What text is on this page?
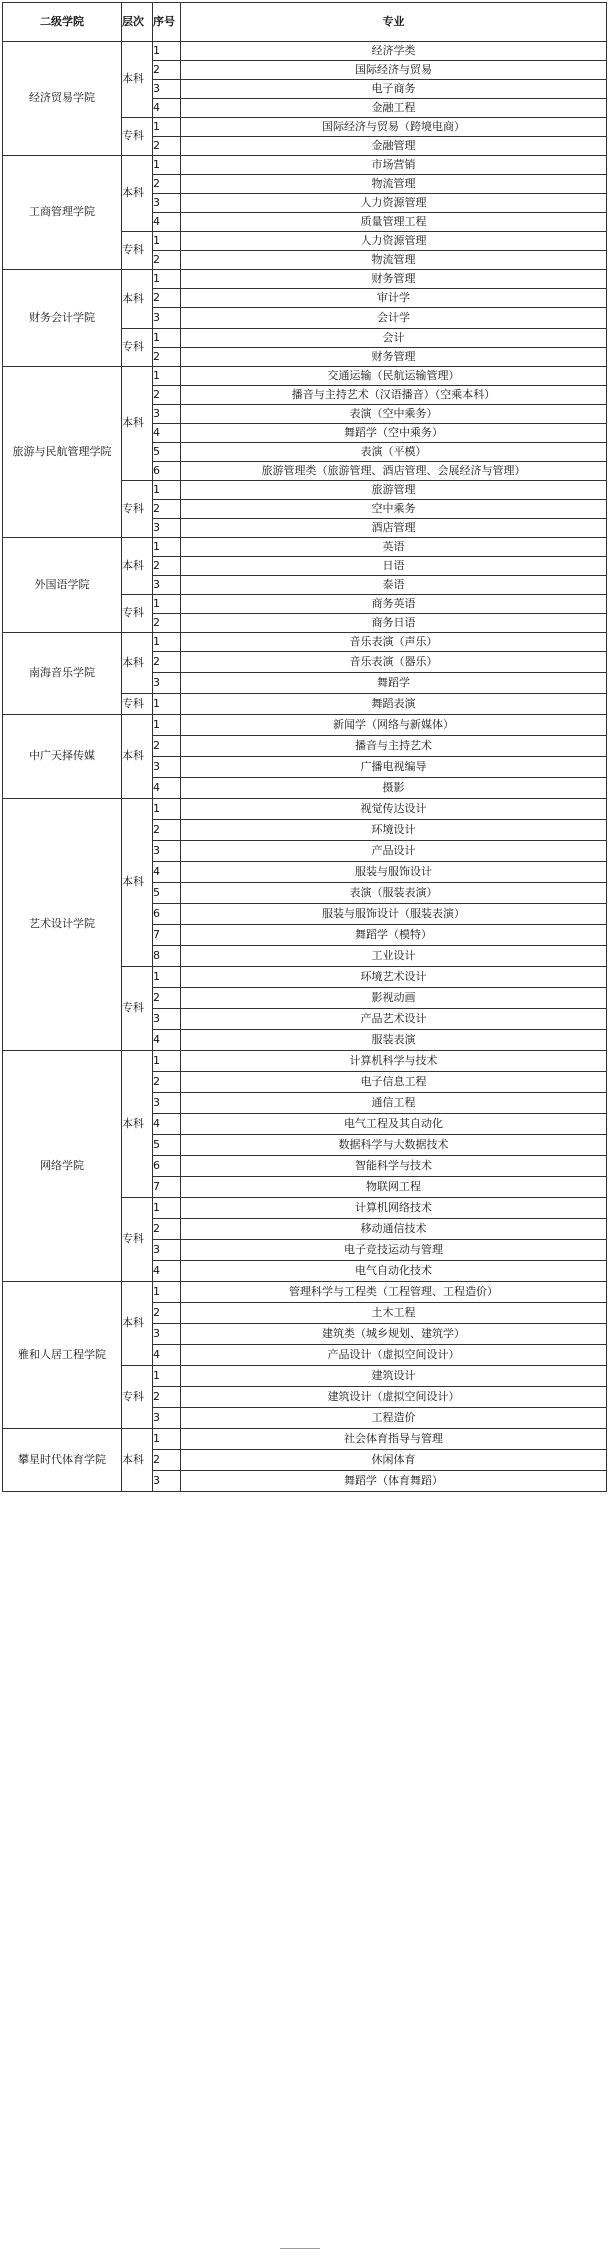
二级学院	层次	序号	专业
经济贸易学院	本科	1	经济学类
		2	国际经济与贸易
		3	电子商务
		4	金融工程
	专科	1	国际经济与贸易（跨境电商）
		2	金融管理
工商管理学院	本科	1	市场营销
		2	物流管理
		3	人力资源管理
		4	质量管理工程
	专科	1	人力资源管理
		2	物流管理
财务会计学院	本科	1	财务管理
		2	审计学
		3	会计学
	专科	1	会计
		2	财务管理
旅游与民航管理学院	本科	1	交通运输（民航运输管理）
		2	播音与主持艺术（汉语播音）（空乘本科）
		3	表演（空中乘务）
		4	舞蹈学（空中乘务）
		5	表演（平模）
		6	旅游管理类（旅游管理、酒店管理、会展经济与管理）
	专科	1	旅游管理
		2	空中乘务
		3	酒店管理
外国语学院	本科	1	英语
		2	日语
		3	泰语
	专科	1	商务英语
		2	商务日语
南海音乐学院	本科	1	音乐表演（声乐）
		2	音乐表演（器乐）
		3	舞蹈学
	专科	1	舞蹈表演
中广天择传媒	本科	1	新闻学（网络与新媒体）
		2	播音与主持艺术
		3	广播电视编导
		4	摄影
艺术设计学院	本科	1	视觉传达设计
		2	环境设计
		3	产品设计
		4	服装与服饰设计
		5	表演（服装表演）
		6	服装与服饰设计（服装表演）
		7	舞蹈学（模特）
		8	工业设计
	专科	1	环境艺术设计
		2	影视动画
		3	产品艺术设计
		4	服装表演
网络学院	本科	1	计算机科学与技术
		2	电子信息工程
		3	通信工程
		4	电气工程及其自动化
		5	数据科学与大数据技术
		6	智能科学与技术
		7	物联网工程
	专科	1	计算机网络技术
		2	移动通信技术
		3	电子竞技运动与管理
		4	电气自动化技术
雅和人居工程学院	本科	1	管理科学与工程类（工程管理、工程造价）
		2	土木工程
		3	建筑类（城乡规划、建筑学）
		4	产品设计（虚拟空间设计）
	专科	1	建筑设计
		2	建筑设计（虚拟空间设计）
		3	工程造价
攀星时代体育学院	本科	1	社会体育指导与管理
		2	休闲体育
		3	舞蹈学（体育舞蹈）
